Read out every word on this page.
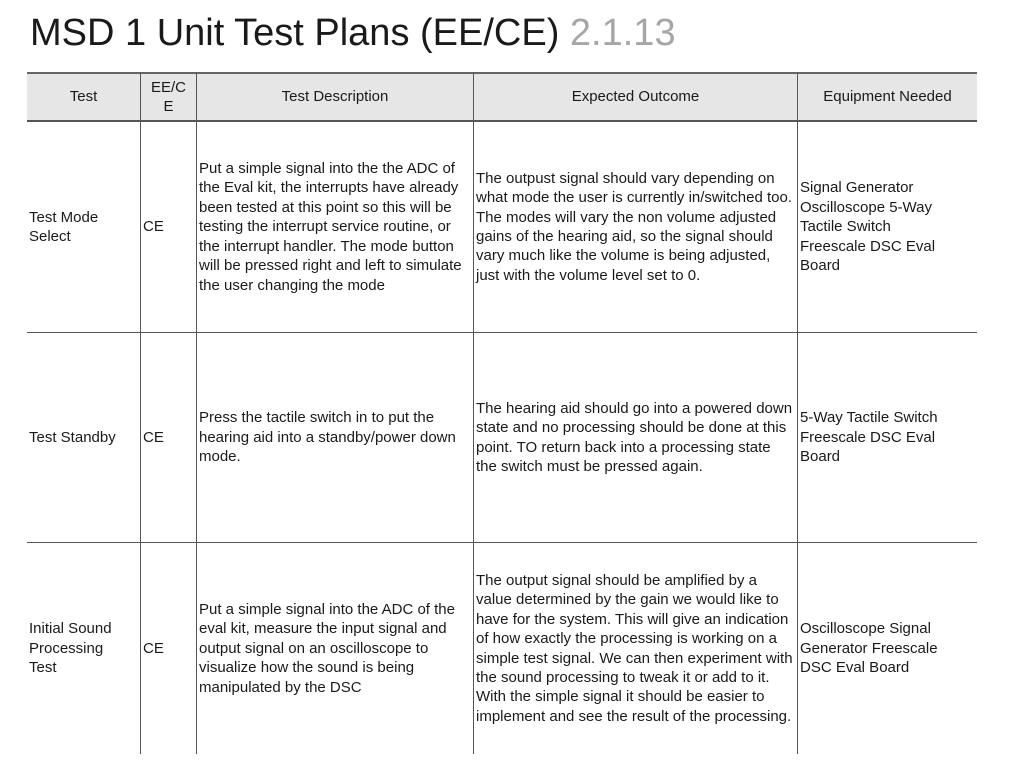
MSD 1 Unit Test Plans (EE/CE) 2.1.13
Test
EE/C E
Test Description	Expected Outcome	Equipment Needed
Test Mode Select
CE
Put a simple signal into the the ADC of the Eval kit, the interrupts have already been tested at this point so this will be testing the interrupt service routine, or the interrupt handler. The mode button will be pressed right and left to simulate the user changing the mode
The outpust signal should vary depending on what mode the user is currently in/switched too. The modes will vary the non volume adjusted gains of the hearing aid, so the signal should vary much like the volume is being adjusted, just with the volume level set to 0.
Signal Generator Oscilloscope 5-Way Tactile Switch Freescale DSC Eval Board
Test Standby CE
Press the tactile switch in to put the hearing aid into a standby/power down mode.
The hearing aid should go into a powered down state and no processing should be done at this point. TO return back into a processing state the switch must be pressed again.
5-Way Tactile Switch Freescale DSC Eval Board
Initial Sound Processing Test
CE
Put a simple signal into the ADC of the eval kit, measure the input signal and output signal on an oscilloscope to visualize how the sound is being manipulated by the DSC
The output signal should be amplified by a value determined by the gain we would like to have for the system. This will give an indication of how exactly the processing is working on a simple test signal. We can then experiment with the sound processing to tweak it or add to it. With the simple signal it should be easier to implement and see the result of the processing.
Oscilloscope Signal Generator Freescale DSC Eval Board
